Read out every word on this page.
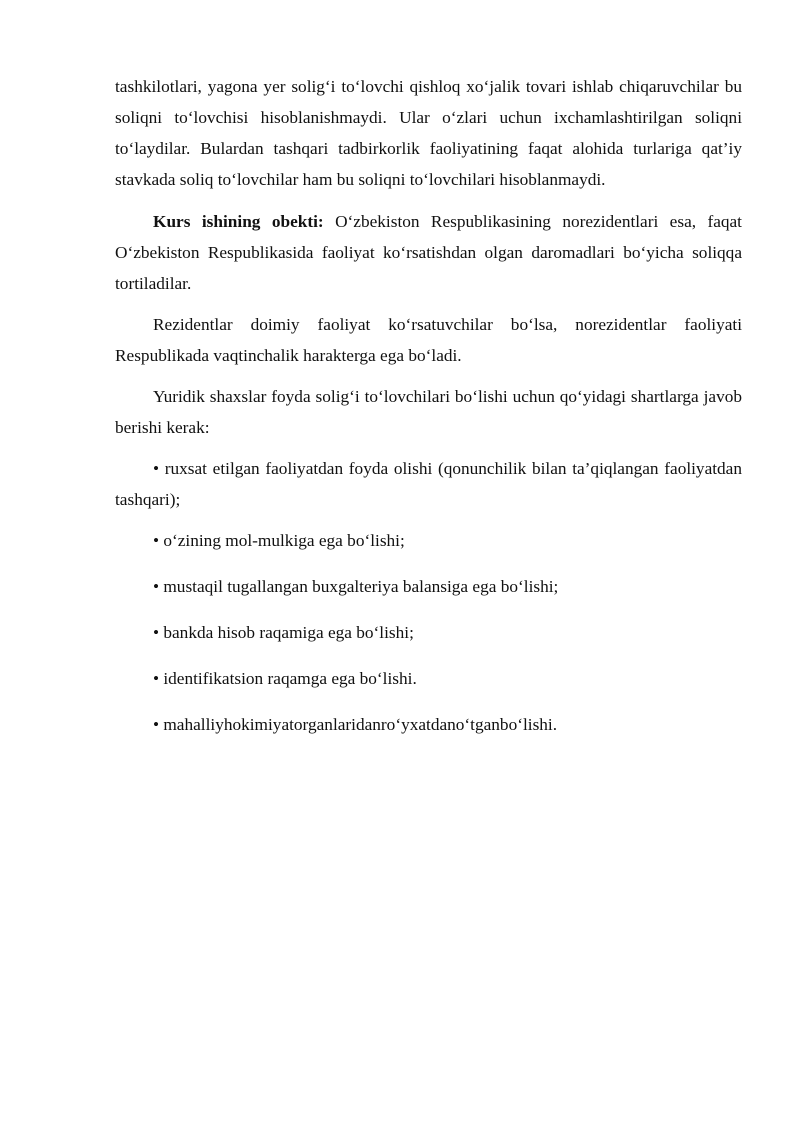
tashkilotlari, yagona yer solig‘i to‘lovchi qishloq xo‘jalik tovari ishlab chiqaruvchilar bu soliqni to‘lovchisi hisoblanishmaydi. Ular o‘zlari uchun ixchamlashtirilgan soliqni to‘laydilar. Bulardan tashqari tadbirkorlik faoliyatining faqat alohida turlariga qat’iy stavkada soliq to‘lovchilar ham bu soliqni to‘lovchilari hisoblanmaydi.

Kurs ishining obekti: O‘zbekiston Respublikasining norezidentlari esa, faqat O‘zbekiston Respublikasida faoliyat ko‘rsatishdan olgan daromadlari bo‘yicha soliqqa tortiladilar.

Rezidentlar doimiy faoliyat ko‘rsatuvchilar bo‘lsa, norezidentlar faoliyati Respublikada vaqtinchalik harakterga ega bo‘ladi.

Yuridik shaxslar foyda solig‘i to‘lovchilari bo‘lishi uchun qo‘yidagi shartlarga javob berishi kerak:

• ruxsat etilgan faoliyatdan foyda olishi (qonunchilik bilan ta’qiqlangan faoliyatdan tashqari);

• o‘zining mol-mulkiga ega bo‘lishi;

• mustaqil tugallangan buxgalteriya balansiga ega bo‘lishi;

• bankda hisob raqamiga ega bo‘lishi;

• identifikatsion raqamga ega bo‘lishi.

• mahalliyhokimiyatorganlaridanro‘yxatdano‘tganbo‘lishi.
